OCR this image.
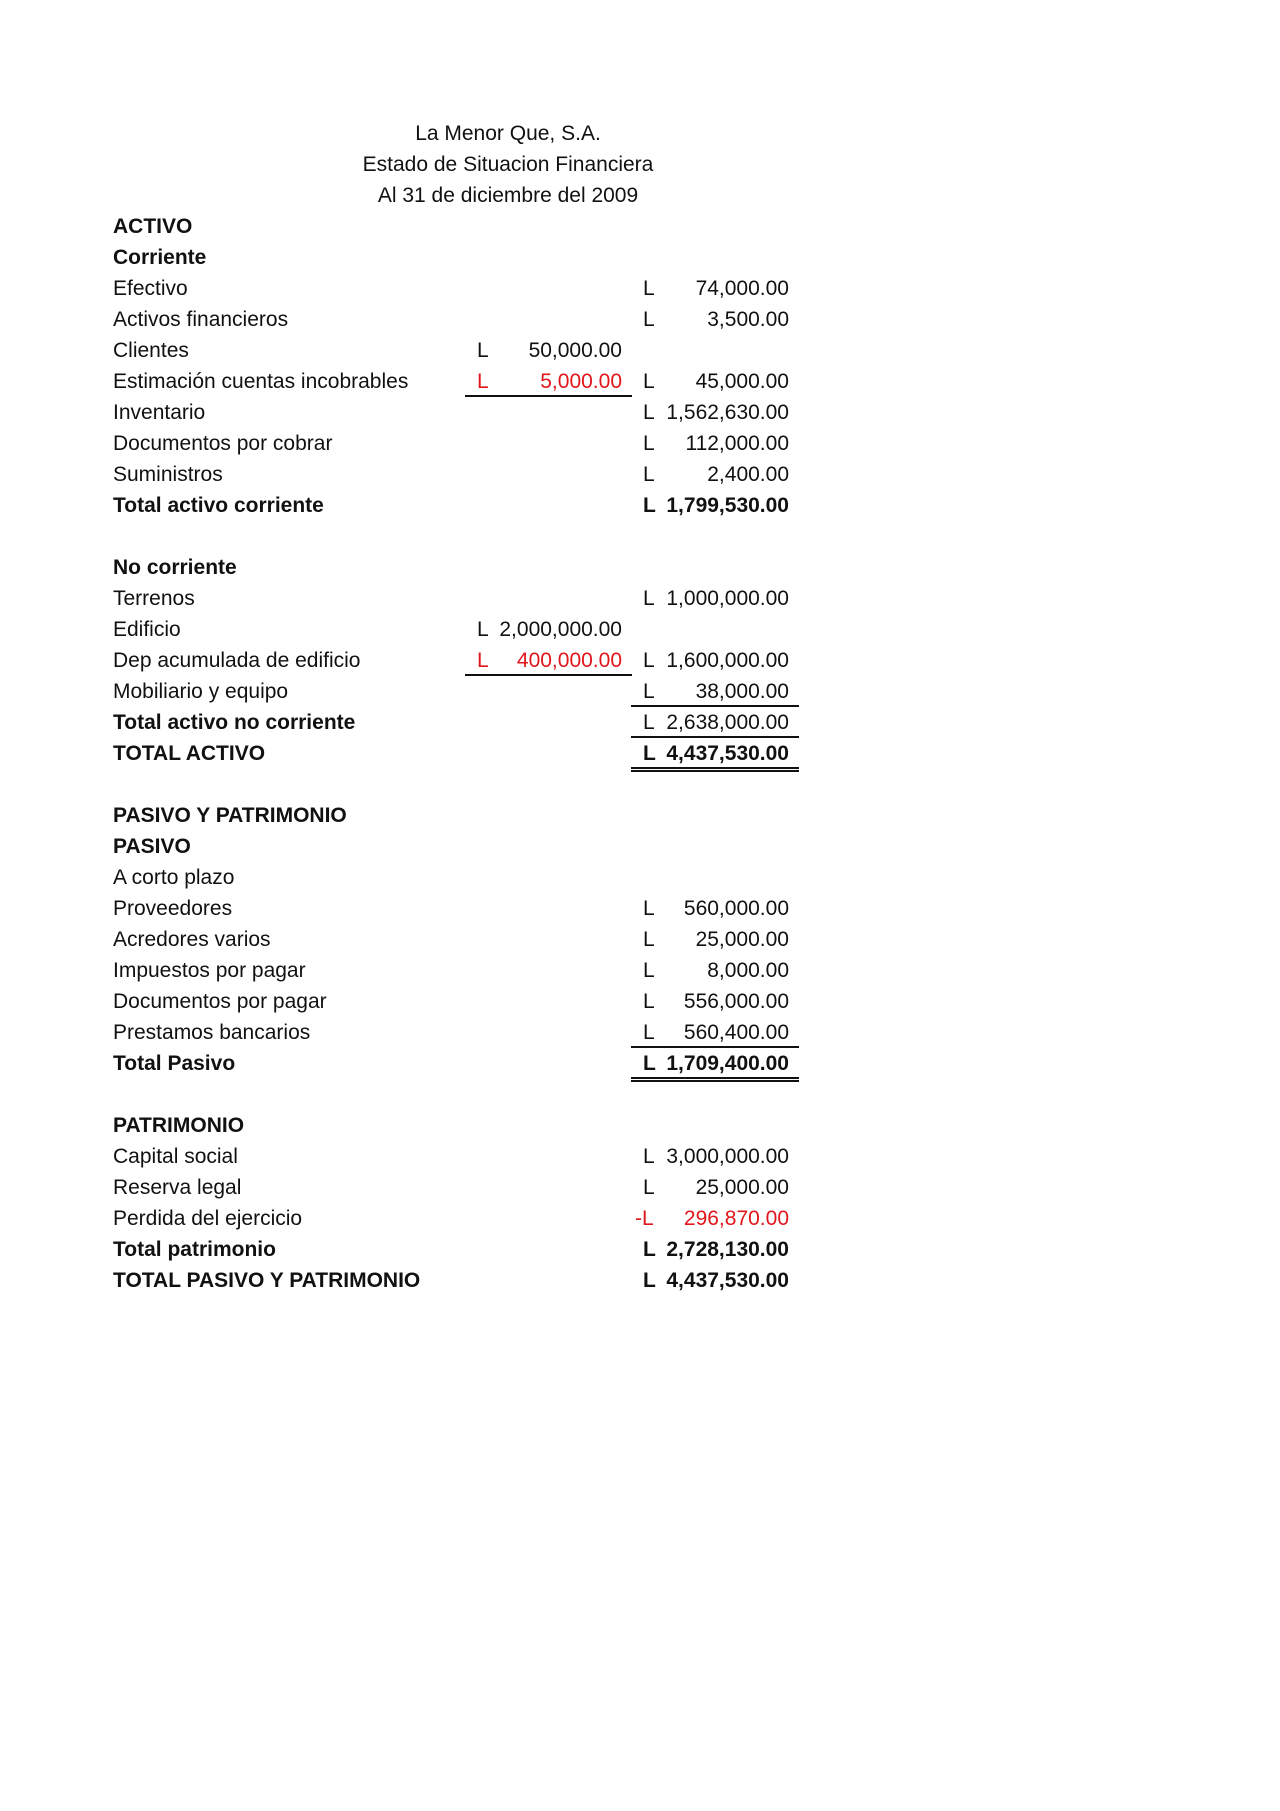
La Menor Que, S.A.
Estado de Situacion Financiera
Al 31 de diciembre del 2009
ACTIVO
Corriente
Efectivo	L 74,000.00
Activos financieros	L	3,500.00
Clientes	L 50,000.00
Estimación cuentas incobrables	L 5,000.00 L 45,000.00
Inventario	L 1,562,630.00
Documentos por cobrar	L 112,000.00
Suministros	L	2,400.00
Total activo corriente	L 1,799,530.00
No corriente
Terrenos	L 1,000,000.00
Edificio	L 2,000,000.00
Dep acumulada de edificio	L 400,000.00 L 1,600,000.00
Mobiliario y equipo	L 38,000.00
Total activo no corriente	L 2,638,000.00
TOTAL ACTIVO	L 4,437,530.00
PASIVO Y PATRIMONIO
PASIVO
A corto plazo
Proveedores	L 560,000.00
Acredores varios	L 25,000.00
Impuestos por pagar	L	8,000.00
Documentos por pagar	L 556,000.00
Prestamos bancarios	L 560,400.00
Total Pasivo	L 1,709,400.00
PATRIMONIO
Capital social	L 3,000,000.00
Reserva legal	L 25,000.00
Perdida del ejercicio	-L 296,870.00
Total patrimonio	L 2,728,130.00
TOTAL PASIVO Y PATRIMONIO	L 4,437,530.00
